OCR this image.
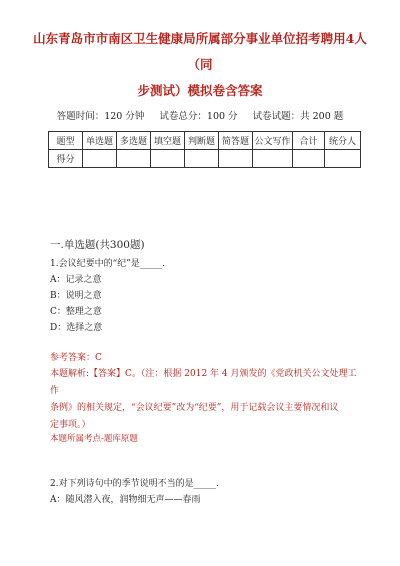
山东青岛市市南区卫生健康局所属部分事业单位招考聘用4人（同
步测试）模拟卷含答案
答题时间：120 分钟 试卷总分：100 分 试卷试题：共 200 题
题型	单选题	多选题	填空题	判断题	简答题	公文写作	合计	统分人
得分								
一.单选题(共300题)
1.会议纪要中的“纪”是_____.
A：记录之意
B：说明之意
C：整理之意
D：选择之意
参考答案：C
本题解析:【答案】C。（注：根据 2012 年 4 月颁发的《党政机关公文处理工作
条例》的相关规定，“会议纪要”改为“纪要”，用于记载会议主要情况和议
定事项。）
本题所属考点-题库原题
2.对下列诗句中的季节说明不当的是_____.
A：随风潜入夜，润物细无声——春雨
